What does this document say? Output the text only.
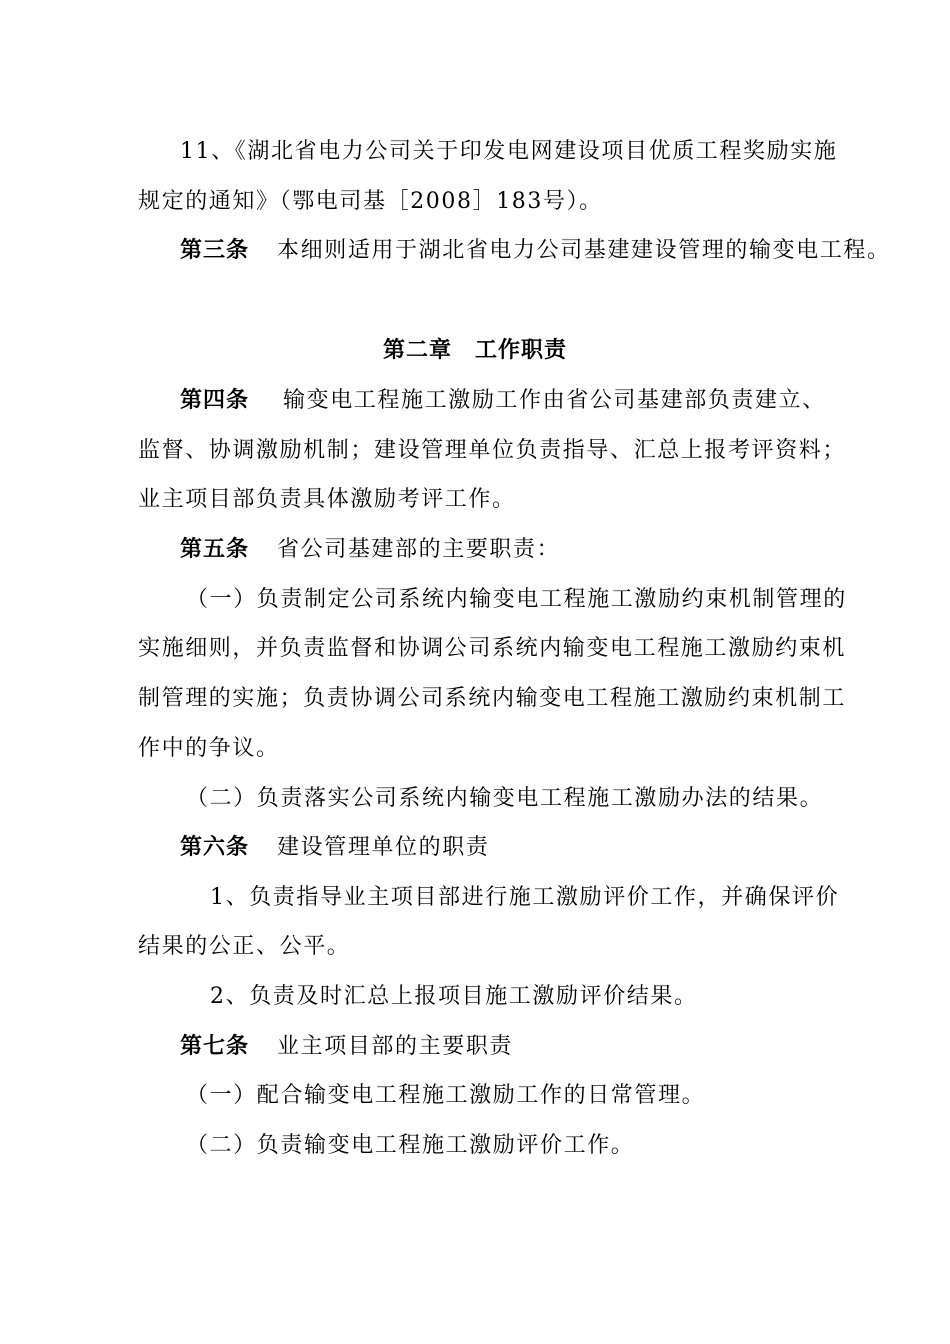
11、《湖北省电力公司关于印发电网建设项目优质工程奖励实施
规定的通知》（鄂电司基［2008］183号）。
第三条 本细则适用于湖北省电力公司基建建设管理的输变电工程。
第二章　工作职责
第四条 输变电工程施工激励工作由省公司基建部负责建立、
监督、协调激励机制；建设管理单位负责指导、汇总上报考评资料；
业主项目部负责具体激励考评工作。
第五条 省公司基建部的主要职责：
（一）负责制定公司系统内输变电工程施工激励约束机制管理的
实施细则，并负责监督和协调公司系统内输变电工程施工激励约束机
制管理的实施；负责协调公司系统内输变电工程施工激励约束机制工
作中的争议。
（二）负责落实公司系统内输变电工程施工激励办法的结果。
第六条 建设管理单位的职责
1、负责指导业主项目部进行施工激励评价工作，并确保评价
结果的公正、公平。
2、负责及时汇总上报项目施工激励评价结果。
第七条 业主项目部的主要职责
（一）配合输变电工程施工激励工作的日常管理。
（二）负责输变电工程施工激励评价工作。
